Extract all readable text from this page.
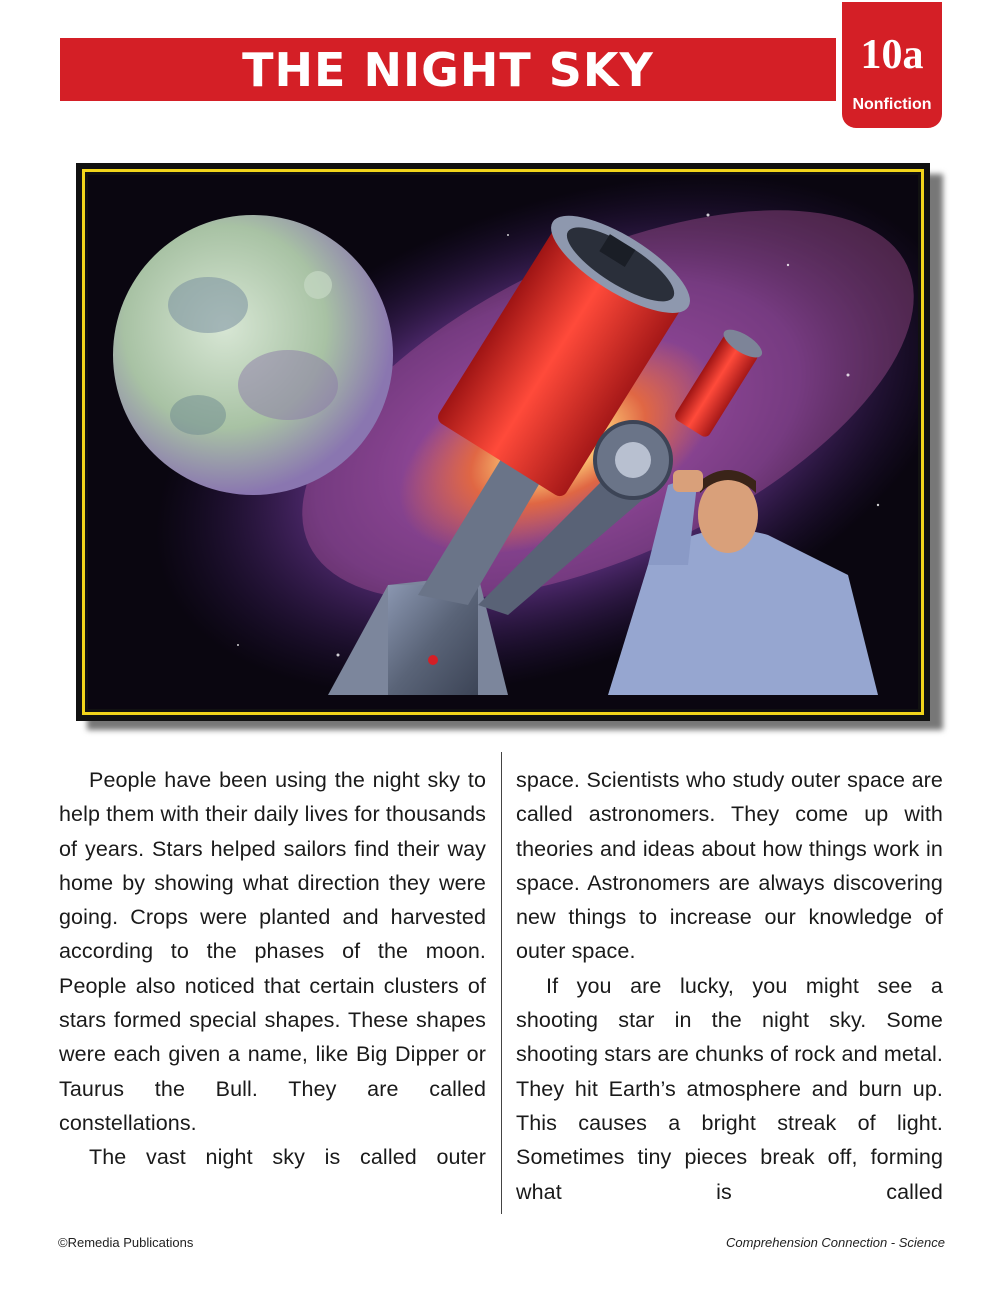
THE NIGHT SKY	10a
Nonfiction

People have been using the night sky to help them with their daily lives for thousands of years. Stars helped sailors find their way home by showing what direction they were going. Crops were planted and harvested according to the phases of the moon. People also noticed that certain clusters of stars formed special shapes. These shapes were each given a name, like Big Dipper or Taurus the Bull. They are called constellations.

The vast night sky is called outer

space. Scientists who study outer space are called astronomers. They come up with theories and ideas about how things work in space. Astronomers are always discovering new things to increase our knowledge of outer space.

If you are lucky, you might see a shooting star in the night sky. Some shooting stars are chunks of rock and metal. They hit Earth’s atmosphere and burn up. This causes a bright streak of light. Sometimes tiny pieces break off, forming what is called

©Remedia Publications	Comprehension Connection - Science
